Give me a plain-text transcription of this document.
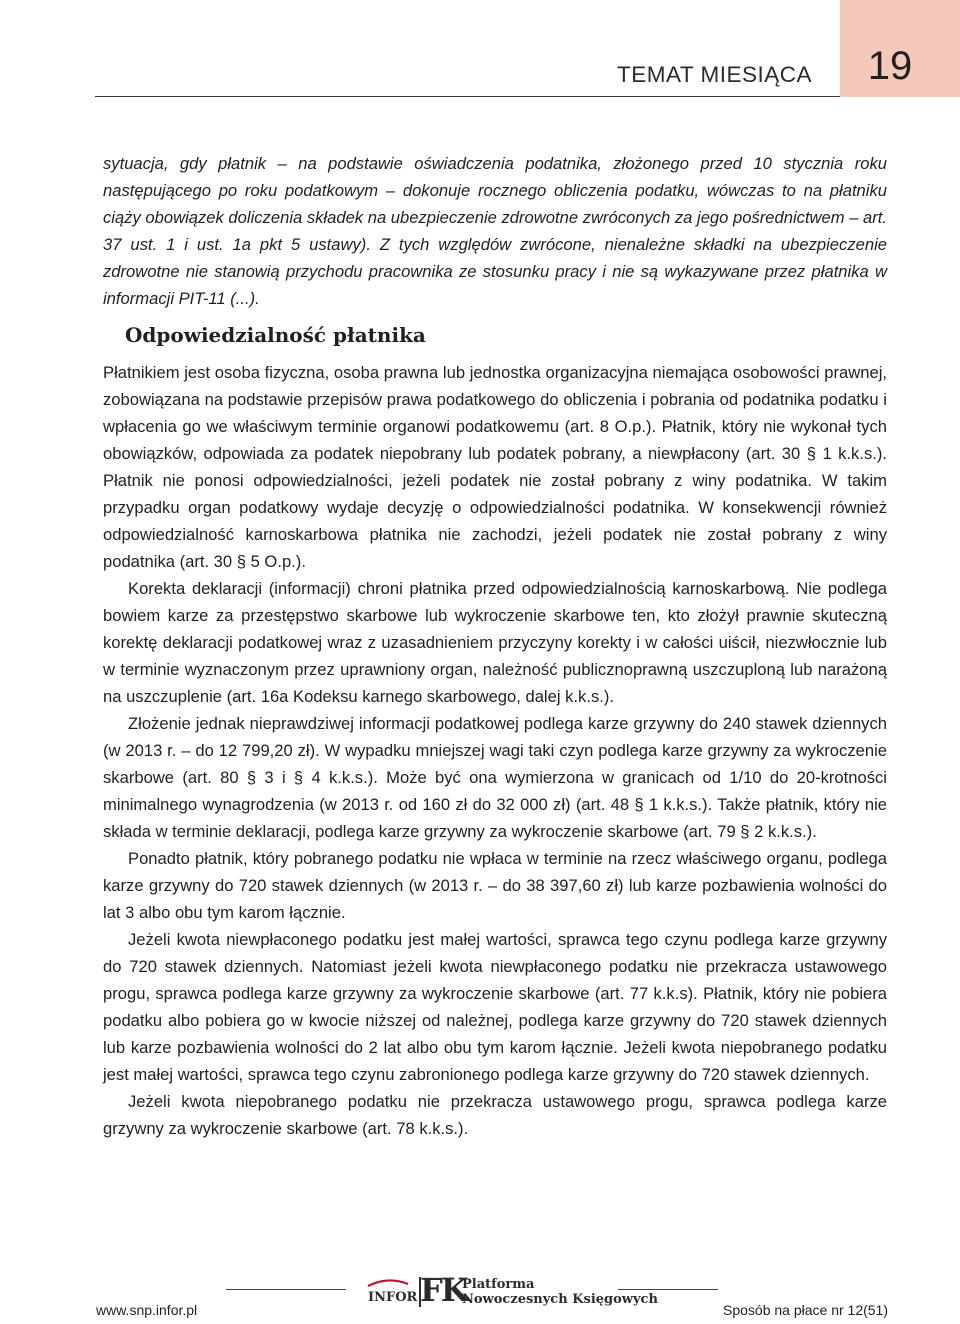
19
TEMAT MIESIĄCA

sytuacja, gdy płatnik – na podstawie oświadczenia podatnika, złożonego przed 10 stycznia roku następującego po roku podatkowym – dokonuje rocznego obliczenia podatku, wówczas to na płatniku ciąży obowiązek doliczenia składek na ubezpieczenie zdrowotne zwróconych za jego pośrednictwem – art. 37 ust. 1 i ust. 1a pkt 5 ustawy). Z tych względów zwrócone, nienależne składki na ubezpieczenie zdrowotne nie stanowią przychodu pracownika ze stosunku pracy i nie są wykazywane przez płatnika w informacji PIT-11 (...).

Odpowiedzialność płatnika

Płatnikiem jest osoba fizyczna, osoba prawna lub jednostka organizacyjna niemająca osobowości prawnej, zobowiązana na podstawie przepisów prawa podatkowego do obliczenia i pobrania od podatnika podatku i wpłacenia go we właściwym terminie organowi podatkowemu (art. 8 O.p.). Płatnik, który nie wykonał tych obowiązków, odpowiada za podatek niepobrany lub podatek pobrany, a niewpłacony (art. 30 § 1 k.k.s.). Płatnik nie ponosi odpowiedzialności, jeżeli podatek nie został pobrany z winy podatnika. W takim przypadku organ podatkowy wydaje decyzję o odpowiedzialności podatnika. W konsekwencji również odpowiedzialność karnoskarbowa płatnika nie zachodzi, jeżeli podatek nie został pobrany z winy podatnika (art. 30 § 5 O.p.).

Korekta deklaracji (informacji) chroni płatnika przed odpowiedzialnością karnoskarbową. Nie podlega bowiem karze za przestępstwo skarbowe lub wykroczenie skarbowe ten, kto złożył prawnie skuteczną korektę deklaracji podatkowej wraz z uzasadnieniem przyczyny korekty i w całości uiścił, niezwłocznie lub w terminie wyznaczonym przez uprawniony organ, należność publicznoprawną uszczuploną lub narażoną na uszczuplenie (art. 16a Kodeksu karnego skarbowego, dalej k.k.s.).

Złożenie jednak nieprawdziwej informacji podatkowej podlega karze grzywny do 240 stawek dziennych (w 2013 r. – do 12 799,20 zł). W wypadku mniejszej wagi taki czyn podlega karze grzywny za wykroczenie skarbowe (art. 80 § 3 i § 4 k.k.s.). Może być ona wymierzona w granicach od 1/10 do 20-krotności minimalnego wynagrodzenia (w 2013 r. od 160 zł do 32 000 zł) (art. 48 § 1 k.k.s.). Także płatnik, który nie składa w terminie deklaracji, podlega karze grzywny za wykroczenie skarbowe (art. 79 § 2 k.k.s.).

Ponadto płatnik, który pobranego podatku nie wpłaca w terminie na rzecz właściwego organu, podlega karze grzywny do 720 stawek dziennych (w 2013 r. – do 38 397,60 zł) lub karze pozbawienia wolności do lat 3 albo obu tym karom łącznie.

Jeżeli kwota niewpłaconego podatku jest małej wartości, sprawca tego czynu podlega karze grzywny do 720 stawek dziennych. Natomiast jeżeli kwota niewpłaconego podatku nie przekracza ustawowego progu, sprawca podlega karze grzywny za wykroczenie skarbowe (art. 77 k.k.s). Płatnik, który nie pobiera podatku albo pobiera go w kwocie niższej od należnej, podlega karze grzywny do 720 stawek dziennych lub karze pozbawienia wolności do 2 lat albo obu tym karom łącznie. Jeżeli kwota niepobranego podatku jest małej wartości, sprawca tego czynu zabronionego podlega karze grzywny do 720 stawek dziennych.

Jeżeli kwota niepobranego podatku nie przekracza ustawowego progu, sprawca podlega karze grzywny za wykroczenie skarbowe (art. 78 k.k.s.).

www.snp.infor.pl
INFOR FK
Platforma
Nowoczesnych Księgowych
Sposób na płace nr 12(51)
